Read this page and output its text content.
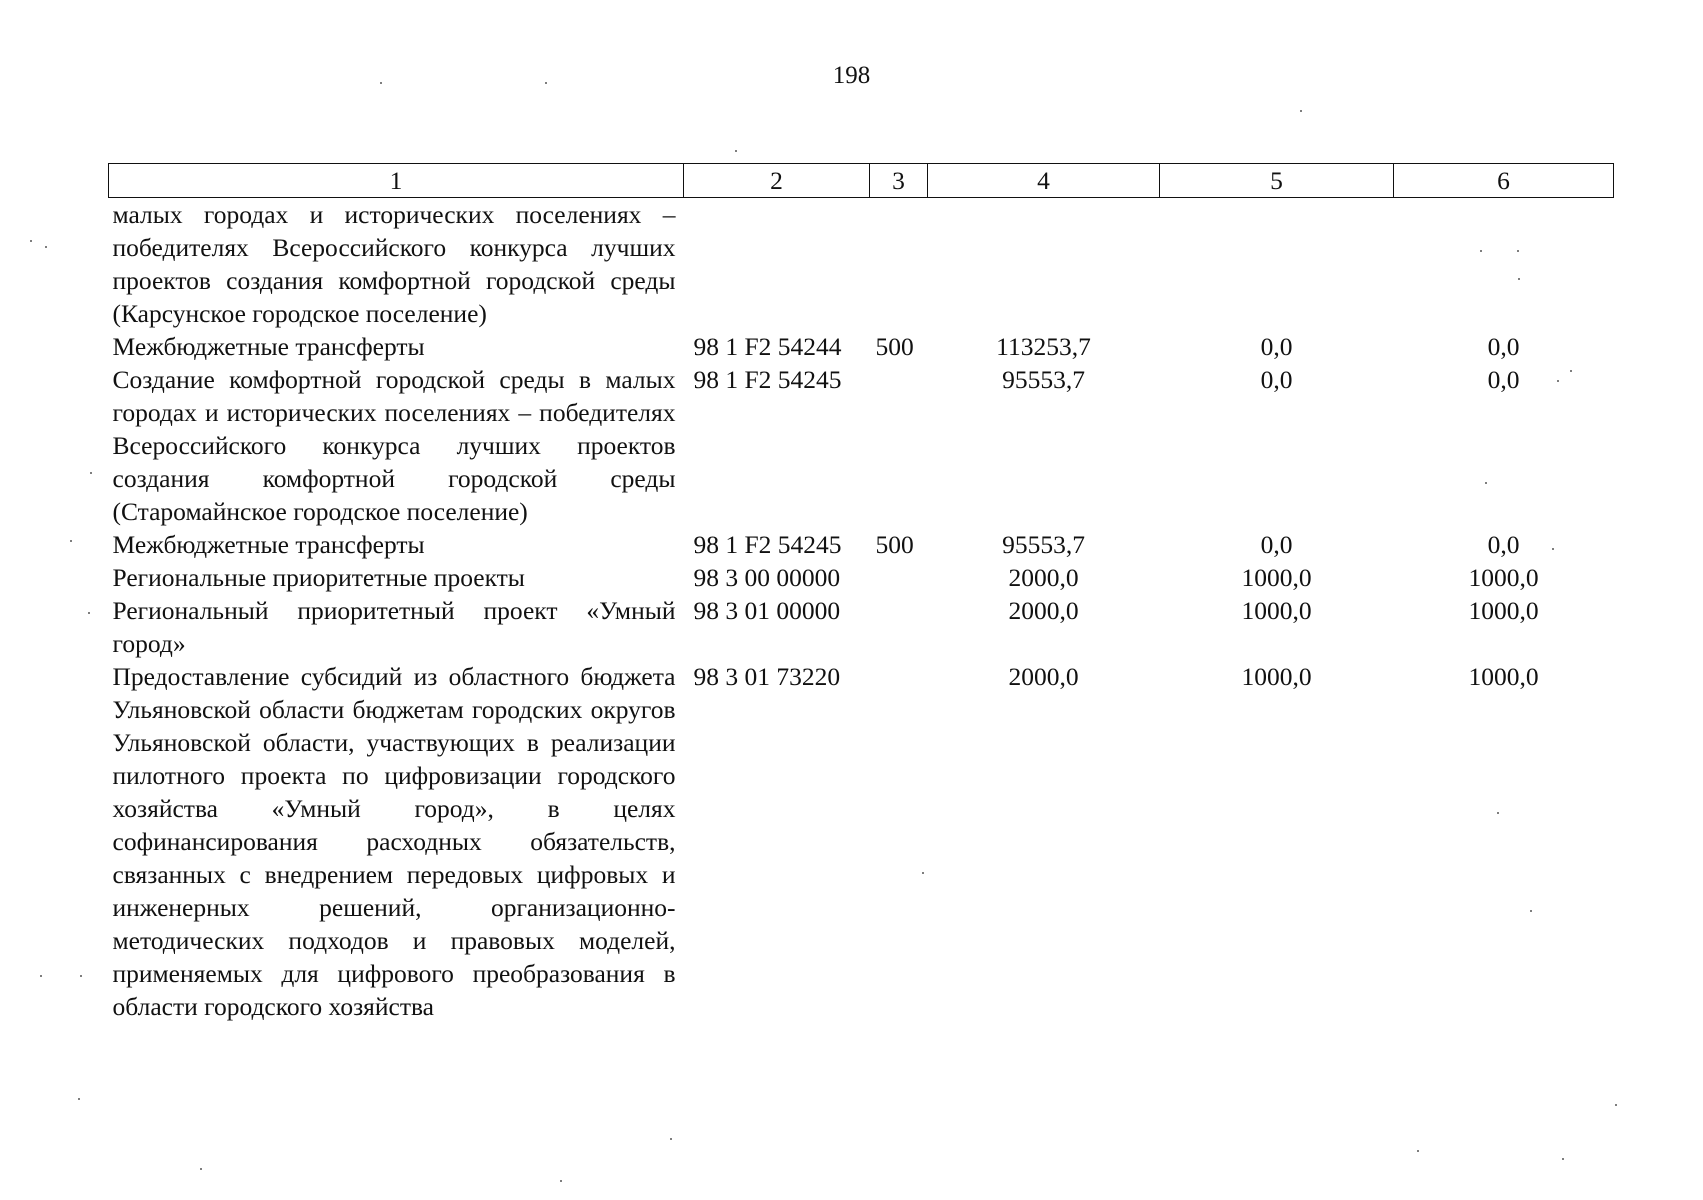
198
1	2	3	4	5	6
малых городах и исторических поселениях – победителях Всероссийского конкурса лучших проектов создания комфортной городской среды (Карсунское городское поселение)					
Межбюджетные трансферты	98 1 F2 54244	500	113253,7	0,0	0,0
Создание комфортной городской среды в малых городах и исторических поселениях – победителях Всероссийского конкурса лучших проектов создания комфортной городской среды (Старомайнское городское поселение)	98 1 F2 54245		95553,7	0,0	0,0
Межбюджетные трансферты	98 1 F2 54245	500	95553,7	0,0	0,0
Региональные приоритетные проекты	98 3 00 00000		2000,0	1000,0	1000,0
Региональный приоритетный проект «Умный город»	98 3 01 00000		2000,0	1000,0	1000,0
Предоставление субсидий из областного бюджета Ульяновской области бюджетам городских округов Ульяновской области, участвующих в реализации пилотного проекта по цифровизации городского хозяйства «Умный город», в целях софинансирования расходных обязательств, связанных с внедрением передовых цифровых и инженерных решений, организационно-методических подходов и правовых моделей, применяемых для цифрового преобразования в области городского хозяйства	98 3 01 73220		2000,0	1000,0	1000,0
